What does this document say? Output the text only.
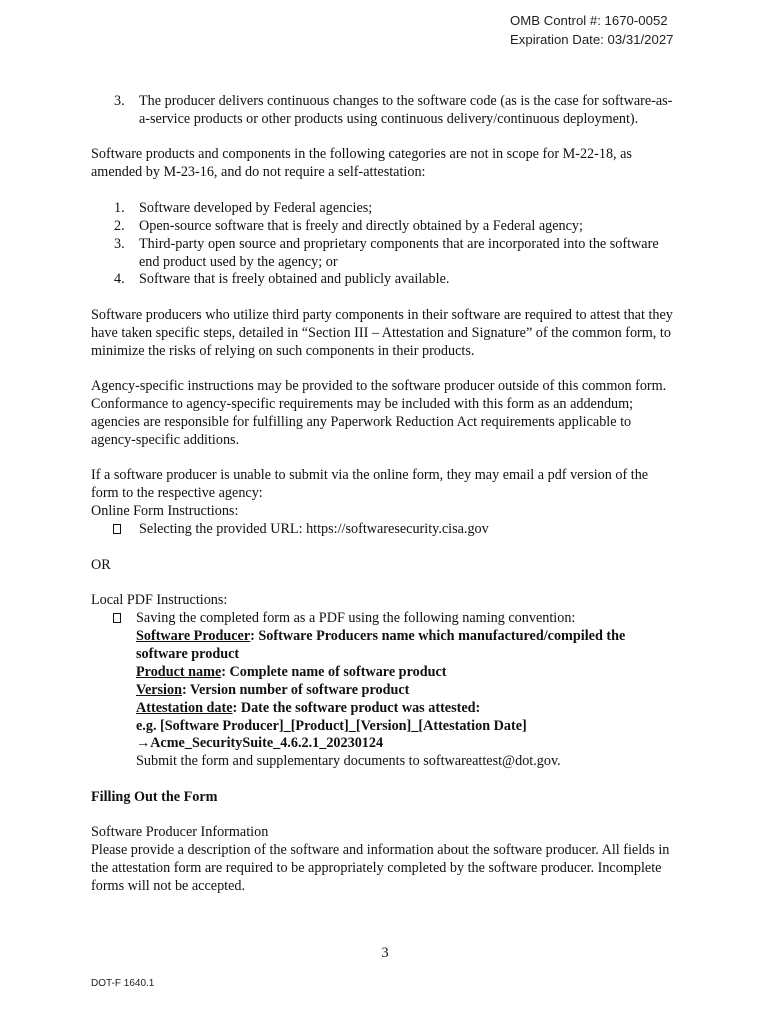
OMB Control #: 1670-0052
Expiration Date: 03/31/2027
3. The producer delivers continuous changes to the software code (as is the case for software-as-a-service products or other products using continuous delivery/continuous deployment).

Software products and components in the following categories are not in scope for M-22-18, as amended by M-23-16, and do not require a self-attestation:

1. Software developed by Federal agencies;
2. Open-source software that is freely and directly obtained by a Federal agency;
3. Third-party open source and proprietary components that are incorporated into the software end product used by the agency; or
4. Software that is freely obtained and publicly available.

Software producers who utilize third party components in their software are required to attest that they have taken specific steps, detailed in “Section III – Attestation and Signature” of the common form, to minimize the risks of relying on such components in their products.

Agency-specific instructions may be provided to the software producer outside of this common form. Conformance to agency-specific requirements may be included with this form as an addendum; agencies are responsible for fulfilling any Paperwork Reduction Act requirements applicable to agency-specific additions.

If a software producer is unable to submit via the online form, they may email a pdf version of the form to the respective agency:

Online Form Instructions:

Selecting the provided URL: https://softwaresecurity.cisa.gov

OR

Local PDF Instructions:

Saving the completed form as a PDF using the following naming convention:
Software Producer: Software Producers name which manufactured/compiled the software product
Product name: Complete name of software product
Version: Version number of software product
Attestation date: Date the software product was attested:
e.g. [Software Producer]_[Product]_[Version]_[Attestation Date]
→Acme_SecuritySuite_4.6.2.1_20230124
Submit the form and supplementary documents to softwareattest@dot.gov.

Filling Out the Form

Software Producer Information

Please provide a description of the software and information about the software producer. All fields in the attestation form are required to be appropriately completed by the software producer. Incomplete forms will not be accepted.

3
DOT-F 1640.1
